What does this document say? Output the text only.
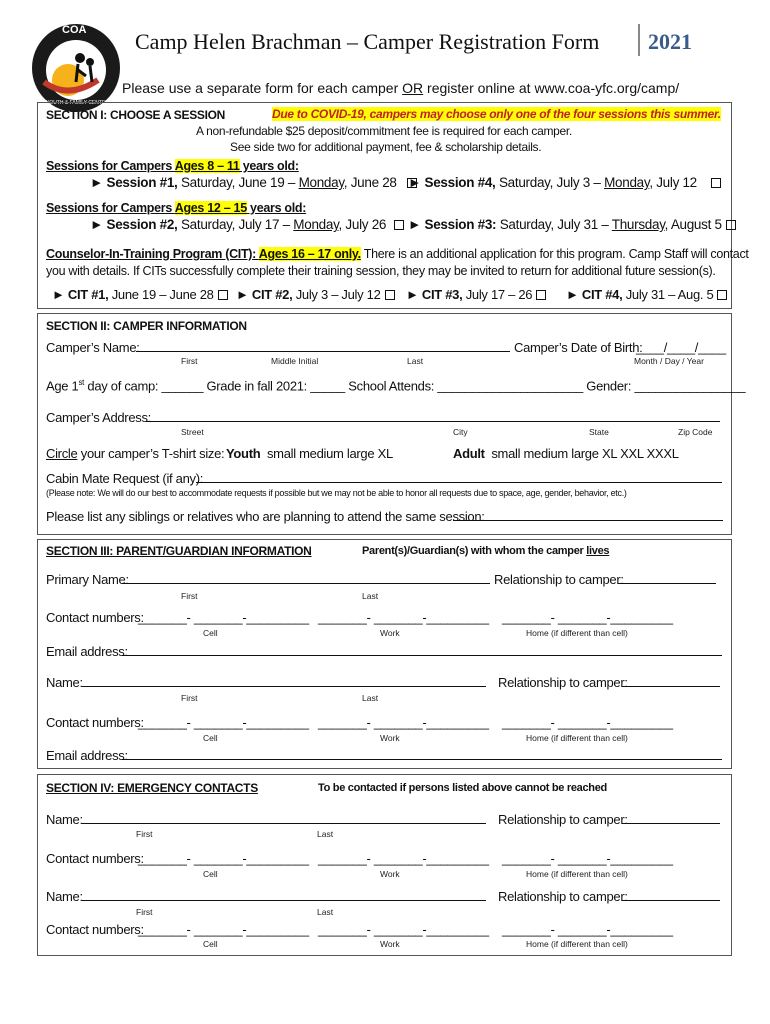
COA
YOUTH & FAMILY CENTERS
Camp Helen Brachman – Camper Registration Form 2021
Please use a separate form for each camper OR register online at www.coa-yfc.org/camp/
SECTION I: CHOOSE A SESSION	Due to COVID-19, campers may choose only one of the four sessions this summer.
A non-refundable $25 deposit/commitment fee is required for each camper.
See side two for additional payment, fee & scholarship details.
Sessions for Campers Ages 8 – 11 years old:
► Session #1, Saturday, June 19 – Monday, June 28 ► Session #4, Saturday, July 3 – Monday, July 12
Sessions for Campers Ages 12 – 15 years old:
► Session #2, Saturday, July 17 – Monday, July 26	► Session #3: Saturday, July 31 – Thursday, August 5
Counselor-In-Training Program (CIT): Ages 16 – 17 only. There is an additional application for this program. Camp Staff will contact
you with details. If CITs successfully complete their training session, they may be invited to return for additional future session(s).
► CIT #1, June 19 – June 28	► CIT #2, July 3 – July 12	► CIT #3, July 17 – 26	► CIT #4, July 31 – Aug. 5
SECTION II: CAMPER INFORMATION
Camper’s Name:	Camper’s Date of Birth:
____/____/____
First	Middle Initial	Last	Month / Day / Year
Age 1st day of camp: ______ Grade in fall 2021: _____ School Attends: _____________________ Gender: ________________
Camper’s Address:
Street	City	State	Zip Code
Circle your camper’s T-shirt size: Youth small medium large XL	Adult small medium large XL XXL XXXL
Cabin Mate Request (if any):
(Please note: We will do our best to accommodate requests if possible but we may not be able to honor all requests due to space, age, gender, behavior, etc.)
Please list any siblings or relatives who are planning to attend the same session:
SECTION III: PARENT/GUARDIAN INFORMATION	Parent(s)/Guardian(s) with whom the camper lives
Primary Name:	Relationship to camper:
First	Last
Contact numbers:
_______- _______-_________ _______- _______-_________ _______- _______-_________
Cell	Work	Home (if different than cell)
Email address:
Name:	Relationship to camper:
First	Last
Contact numbers:
_______- _______-_________ _______- _______-_________ _______- _______-_________
Cell	Work	Home (if different than cell)
Email address:
SECTION IV: EMERGENCY CONTACTS	To be contacted if persons listed above cannot be reached
Name:	Relationship to camper:
First	Last
Contact numbers:
_______- _______-_________ _______- _______-_________ _______- _______-_________
Cell	Work	Home (if different than cell)
Name:	Relationship to camper:
First	Last
Contact numbers:
_______- _______-_________ _______- _______-_________ _______- _______-_________
Cell	Work	Home (if different than cell)
